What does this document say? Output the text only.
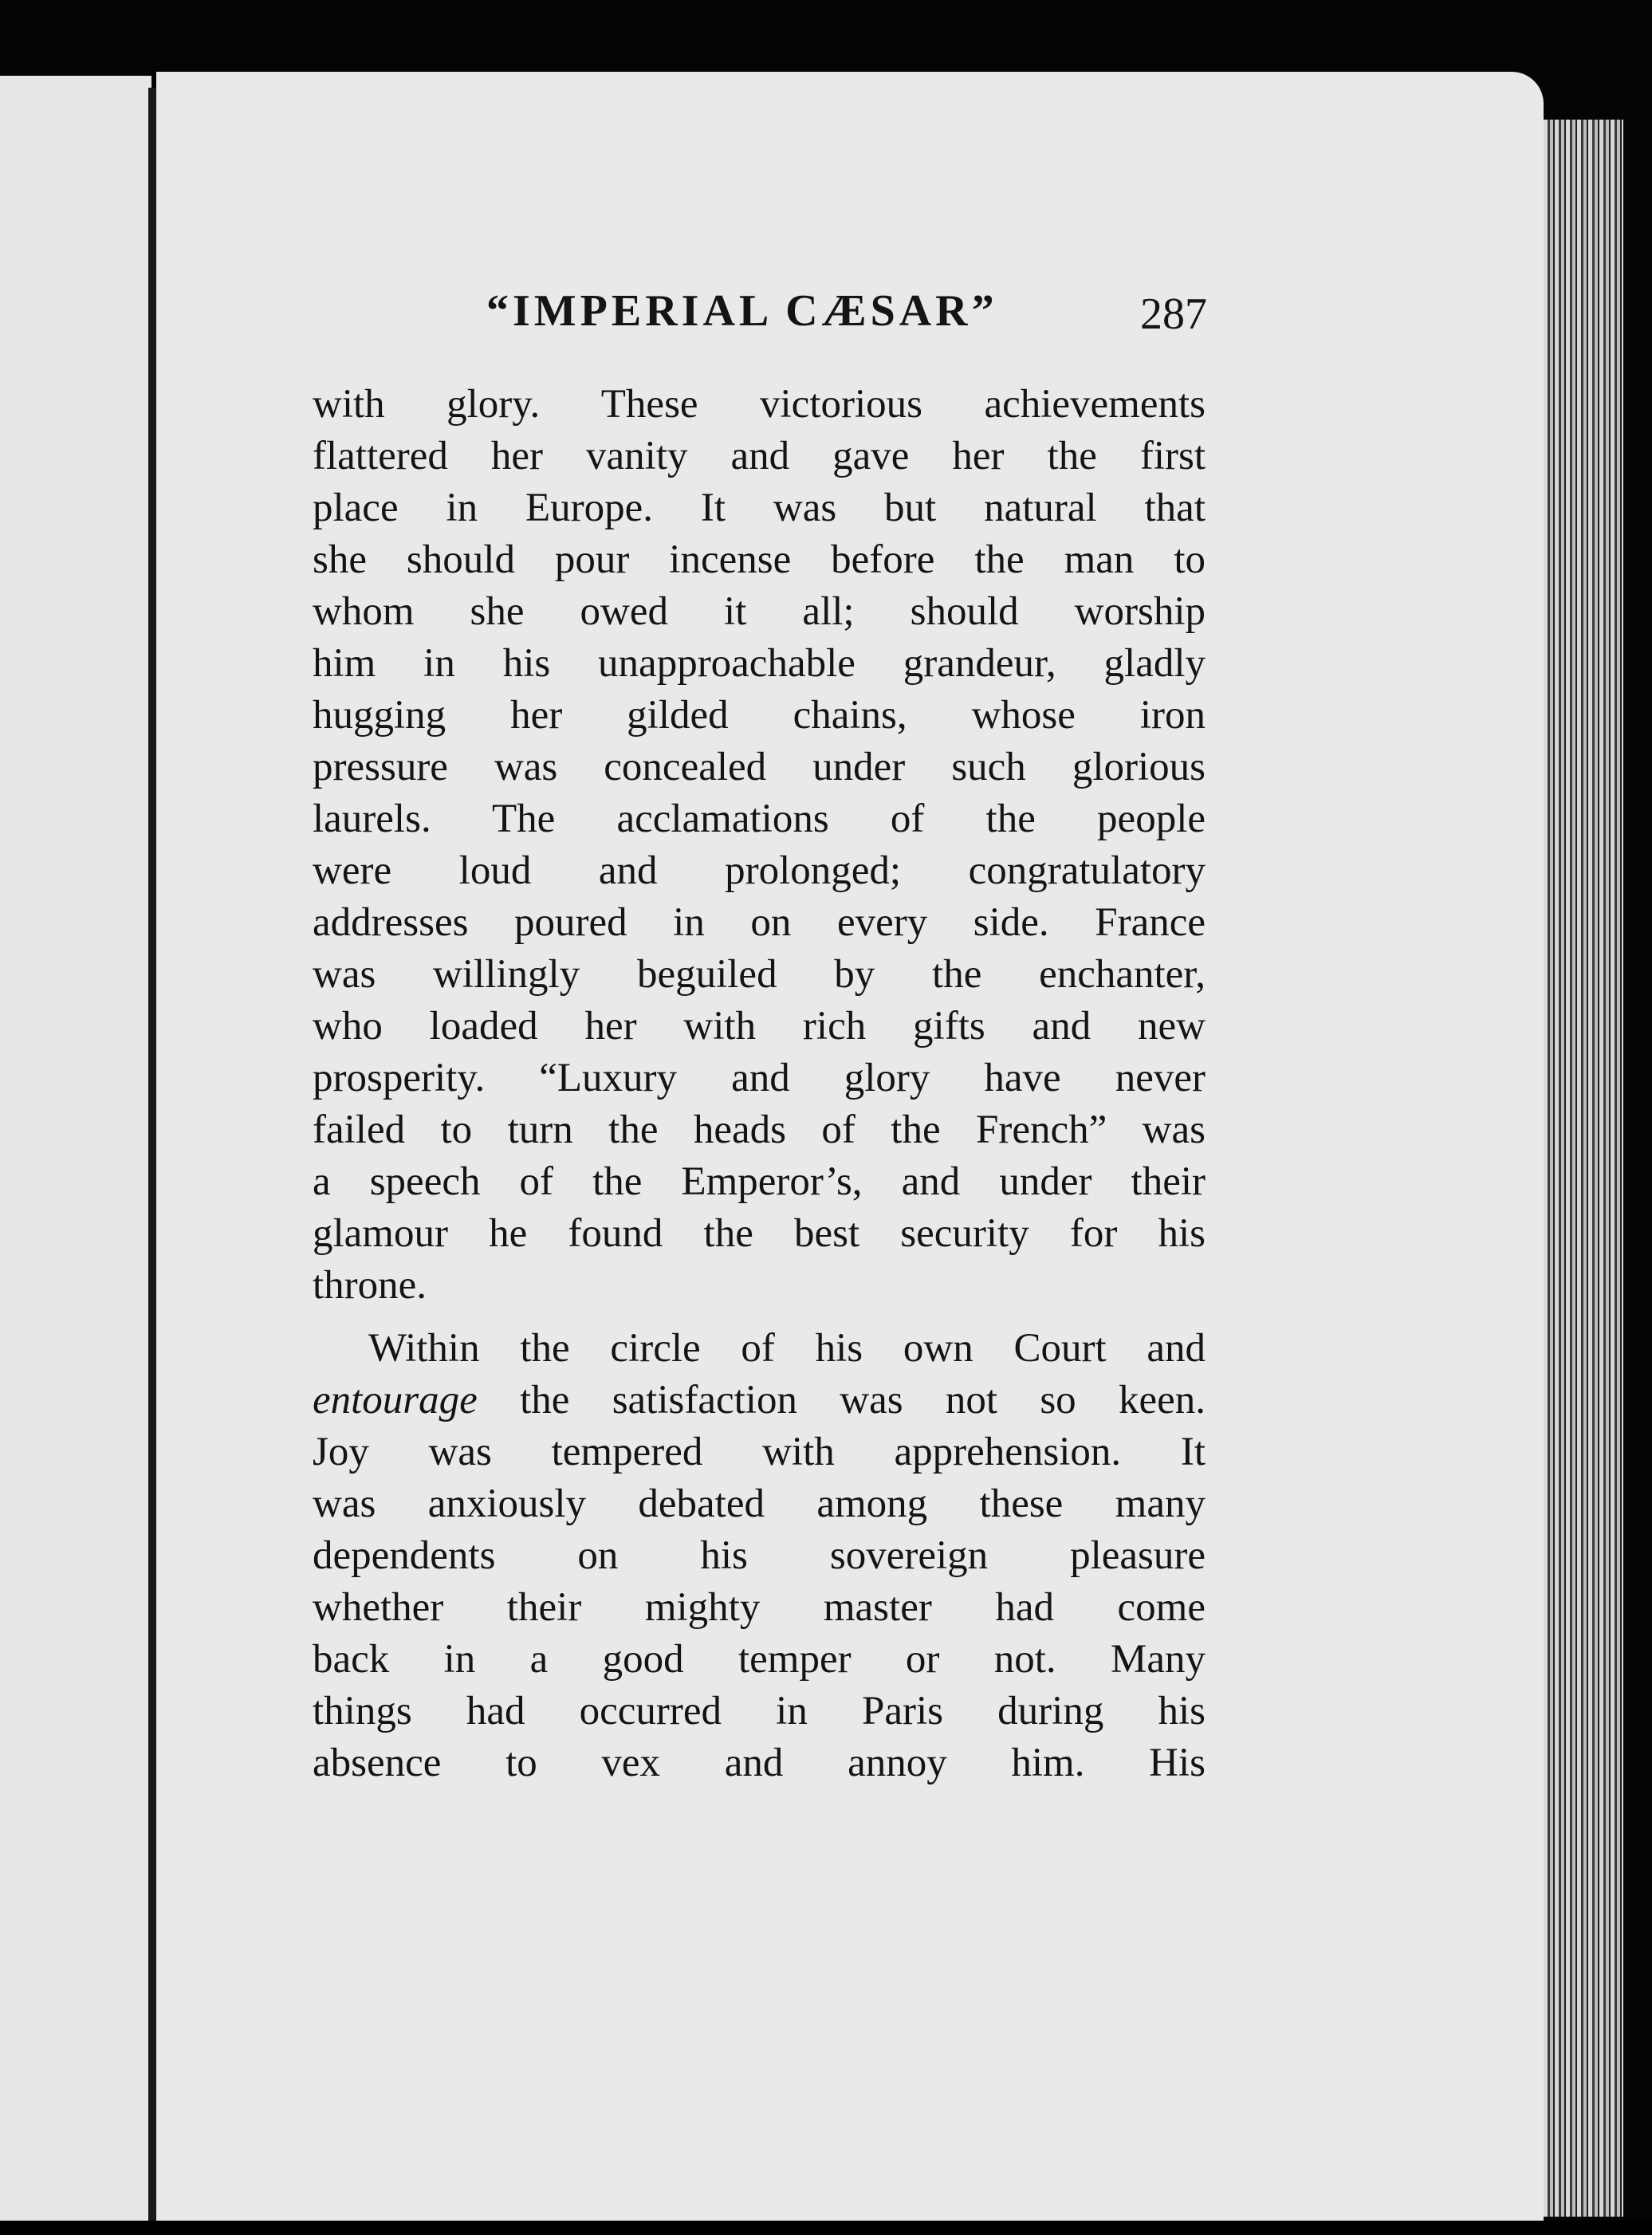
“IMPERIAL CÆSAR”	287
with glory. These victorious achievements
flattered her vanity and gave her the first
place in Europe. It was but natural that
she should pour incense before the man to
whom she owed it all; should worship
him in his unapproachable grandeur, gladly
hugging her gilded chains, whose iron
pressure was concealed under such glorious
laurels. The acclamations of the people
were loud and prolonged; congratulatory
addresses poured in on every side. France
was willingly beguiled by the enchanter,
who loaded her with rich gifts and new
prosperity. “Luxury and glory have never
failed to turn the heads of the French” was
a speech of the Emperor’s, and under their
glamour he found the best security for his
throne.
Within the circle of his own Court and
entourage the satisfaction was not so keen.
Joy was tempered with apprehension. It
was anxiously debated among these many
dependents on his sovereign pleasure
whether their mighty master had come
back in a good temper or not. Many
things had occurred in Paris during his
absence to vex and annoy him. His
